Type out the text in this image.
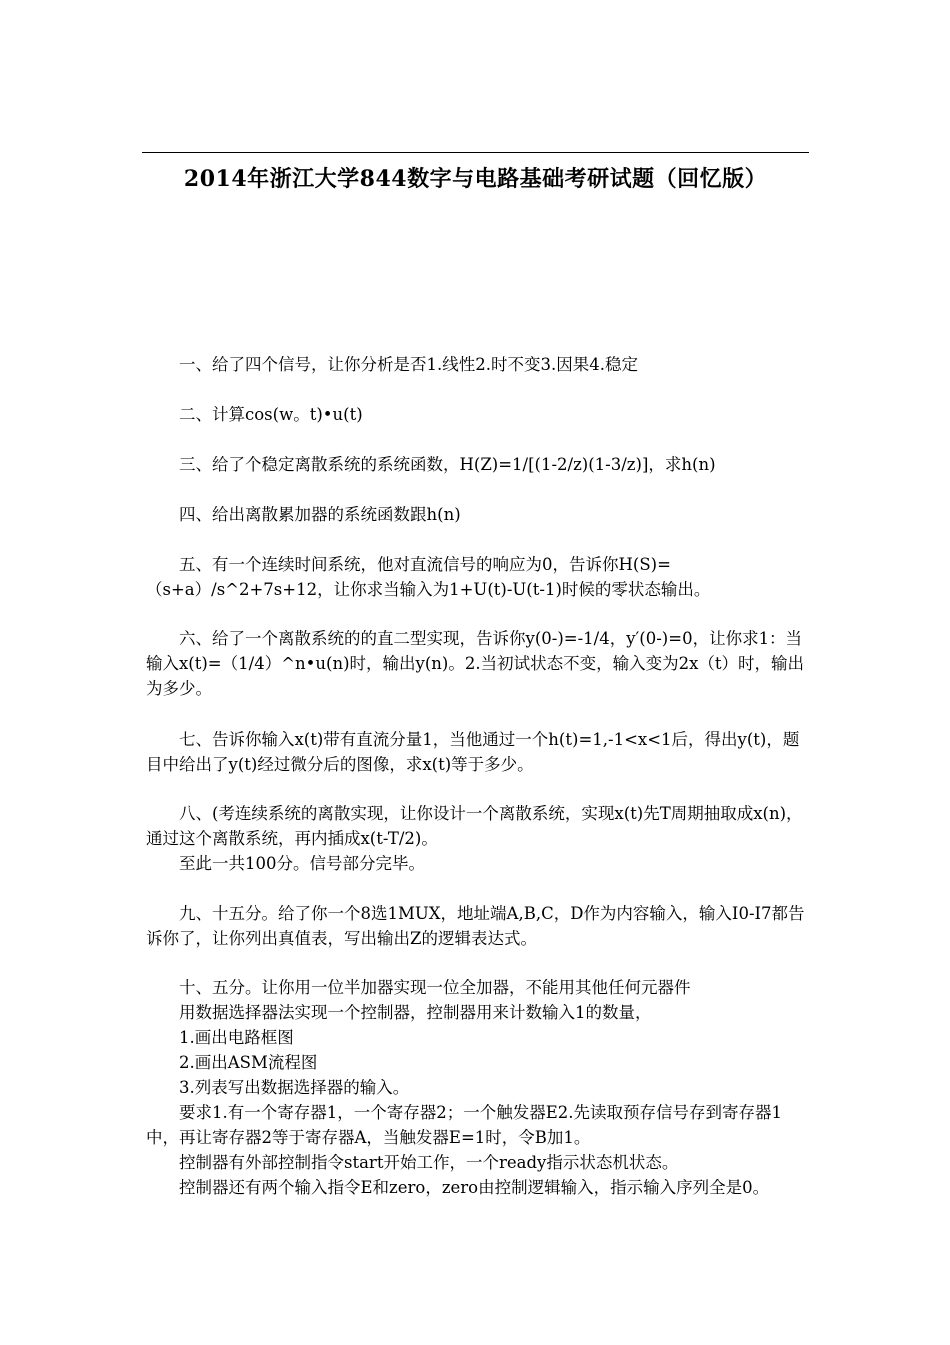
2014年浙江大学844数字与电路基础考研试题（回忆版）

一、给了四个信号，让你分析是否1.线性2.时不变3.因果4.稳定

二、计算cos(w。t)•u(t)

三、给了个稳定离散系统的系统函数，H(Z)=1/[(1-2/z)(1-3/z)]，求h(n)

四、给出离散累加器的系统函数跟h(n)

五、有一个连续时间系统，他对直流信号的响应为0，告诉你H(S)=（s+a）/s^2+7s+12，让你求当输入为1+U(t)-U(t-1)时候的零状态输出。

六、给了一个离散系统的的直二型实现，告诉你y(0-)=-1/4，y′(0-)=0，让你求1：当输入x(t)=（1/4）^n•u(n)时，输出y(n)。2.当初试状态不变，输入变为2x（t）时，输出为多少。

七、告诉你输入x(t)带有直流分量1，当他通过一个h(t)=1,-1<x<1后，得出y(t)，题目中给出了y(t)经过微分后的图像，求x(t)等于多少。

八、(考连续系统的离散实现，让你设计一个离散系统，实现x(t)先T周期抽取成x(n)，通过这个离散系统，再内插成x(t-T/2)。

至此一共100分。信号部分完毕。

九、十五分。给了你一个8选1MUX，地址端A,B,C，D作为内容输入，输入I0-I7都告诉你了，让你列出真值表，写出输出Z的逻辑表达式。

十、五分。让你用一位半加器实现一位全加器，不能用其他任何元器件

用数据选择器法实现一个控制器，控制器用来计数输入1的数量，

1.画出电路框图

2.画出ASM流程图

3.列表写出数据选择器的输入。

要求1.有一个寄存器1，一个寄存器2；一个触发器E2.先读取预存信号存到寄存器1中，再让寄存器2等于寄存器A，当触发器E=1时，令B加1。

控制器有外部控制指令start开始工作，一个ready指示状态机状态。

控制器还有两个输入指令E和zero，zero由控制逻辑输入，指示输入序列全是0。
